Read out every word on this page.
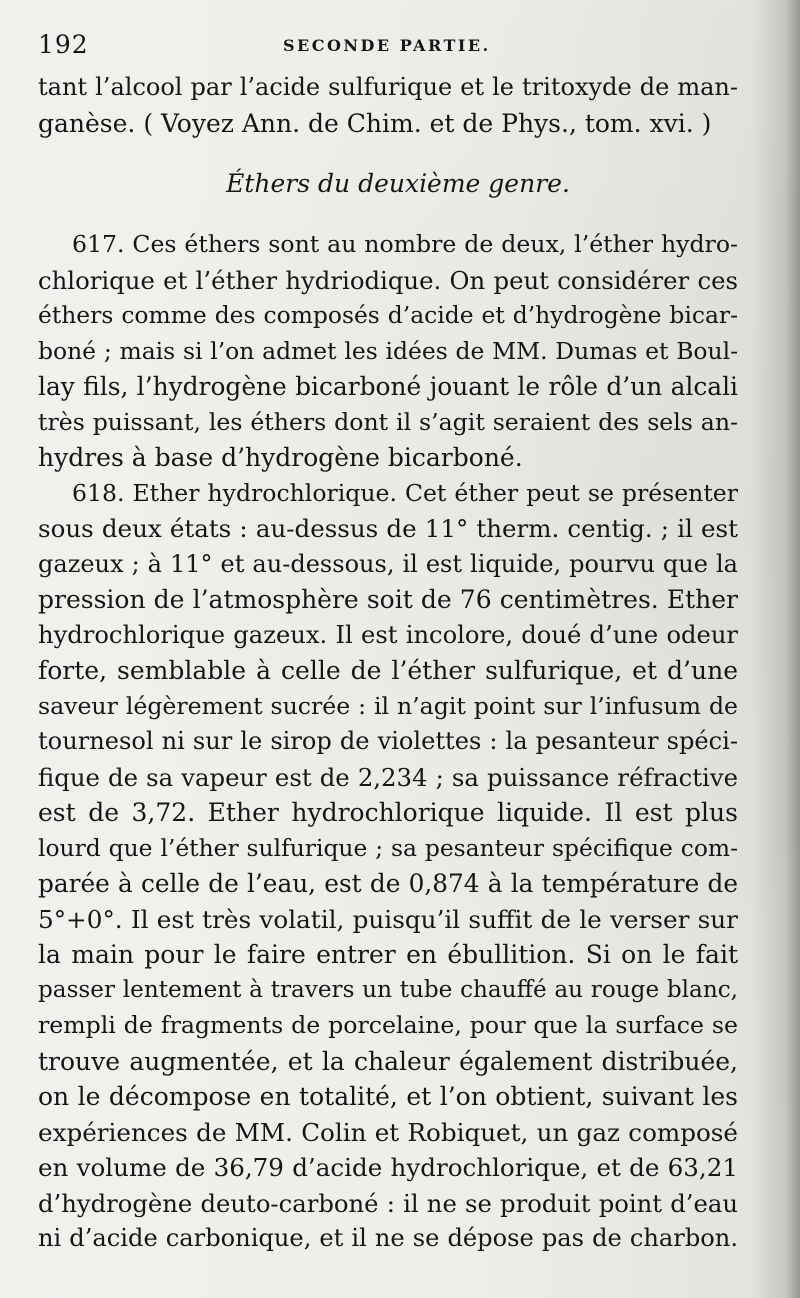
192	SECONDE PARTIE.
tant l’alcool par l’acide sulfurique et le tritoxyde de man-
ganèse. ( Voyez Ann. de Chim. et de Phys., tom. xvi. )
Éthers du deuxième genre.
617. Ces éthers sont au nombre de deux, l’éther hydro-
chlorique et l’éther hydriodique. On peut considérer ces
éthers comme des composés d’acide et d’hydrogène bicar-
boné ; mais si l’on admet les idées de MM. Dumas et Boul-
lay fils, l’hydrogène bicarboné jouant le rôle d’un alcali
très puissant, les éthers dont il s’agit seraient des sels an-
hydres à base d’hydrogène bicarboné.
618. Ether hydrochlorique. Cet éther peut se présenter
sous deux états : au-dessus de 11° therm. centig. ; il est
gazeux ; à 11° et au-dessous, il est liquide, pourvu que la
pression de l’atmosphère soit de 76 centimètres. Ether
hydrochlorique gazeux. Il est incolore, doué d’une odeur
forte, semblable à celle de l’éther sulfurique, et d’une
saveur légèrement sucrée : il n’agit point sur l’infusum de
tournesol ni sur le sirop de violettes : la pesanteur spéci-
fique de sa vapeur est de 2,234 ; sa puissance réfractive
est de 3,72. Ether hydrochlorique liquide. Il est plus
lourd que l’éther sulfurique ; sa pesanteur spécifique com-
parée à celle de l’eau, est de 0,874 à la température de
5°+0°. Il est très volatil, puisqu’il suffit de le verser sur
la main pour le faire entrer en ébullition. Si on le fait
passer lentement à travers un tube chauffé au rouge blanc,
rempli de fragments de porcelaine, pour que la surface se
trouve augmentée, et la chaleur également distribuée,
on le décompose en totalité, et l’on obtient, suivant les
expériences de MM. Colin et Robiquet, un gaz composé
en volume de 36,79 d’acide hydrochlorique, et de 63,21
d’hydrogène deuto-carboné : il ne se produit point d’eau
ni d’acide carbonique, et il ne se dépose pas de charbon.
